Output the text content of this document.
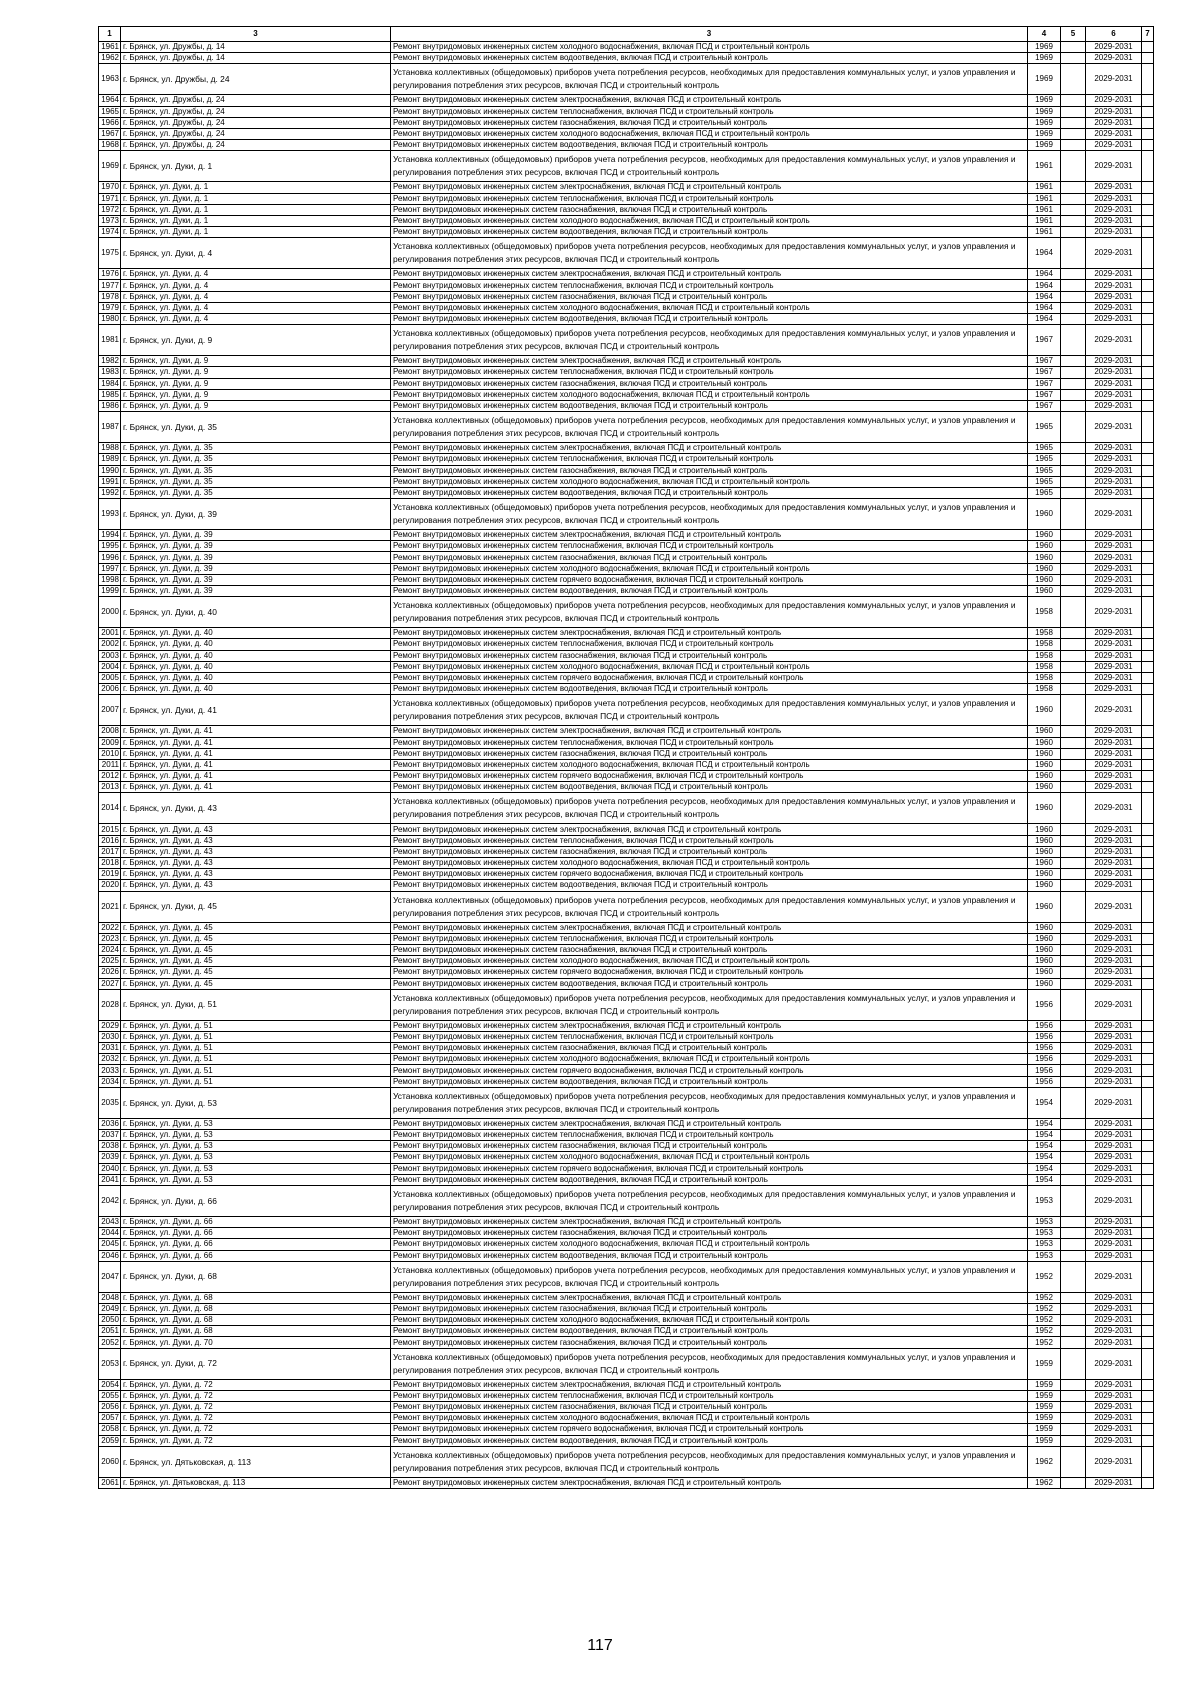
1	3	3	4	5	6	7
1961	г. Брянск, ул. Дружбы, д. 14	Ремонт внутридомовых инженерных систем холодного водоснабжения, включая ПСД и строительный контроль	1969		2029-2031	
1962	г. Брянск, ул. Дружбы, д. 14	Ремонт внутридомовых инженерных систем водоотведения, включая ПСД и строительный контроль	1969		2029-2031	
1963	г. Брянск, ул. Дружбы, д. 24	Установка коллективных (общедомовых) приборов учета потребления ресурсов, необходимых для предоставления коммунальных услуг, и узлов управления и регулирования потребления этих ресурсов, включая ПСД и строительный контроль	1969		2029-2031	
1964	г. Брянск, ул. Дружбы, д. 24	Ремонт внутридомовых инженерных систем электроснабжения, включая ПСД и строительный контроль	1969		2029-2031	
1965	г. Брянск, ул. Дружбы, д. 24	Ремонт внутридомовых инженерных систем теплоснабжения, включая ПСД и строительный контроль	1969		2029-2031	
1966	г. Брянск, ул. Дружбы, д. 24	Ремонт внутридомовых инженерных систем газоснабжения, включая ПСД и строительный контроль	1969		2029-2031	
1967	г. Брянск, ул. Дружбы, д. 24	Ремонт внутридомовых инженерных систем холодного водоснабжения, включая ПСД и строительный контроль	1969		2029-2031	
1968	г. Брянск, ул. Дружбы, д. 24	Ремонт внутридомовых инженерных систем водоотведения, включая ПСД и строительный контроль	1969		2029-2031	
1969	г. Брянск, ул. Дуки, д. 1	Установка коллективных (общедомовых) приборов учета потребления ресурсов, необходимых для предоставления коммунальных услуг, и узлов управления и регулирования потребления этих ресурсов, включая ПСД и строительный контроль	1961		2029-2031	
1970	г. Брянск, ул. Дуки, д. 1	Ремонт внутридомовых инженерных систем электроснабжения, включая ПСД и строительный контроль	1961		2029-2031	
1971	г. Брянск, ул. Дуки, д. 1	Ремонт внутридомовых инженерных систем теплоснабжения, включая ПСД и строительный контроль	1961		2029-2031	
1972	г. Брянск, ул. Дуки, д. 1	Ремонт внутридомовых инженерных систем газоснабжения, включая ПСД и строительный контроль	1961		2029-2031	
1973	г. Брянск, ул. Дуки, д. 1	Ремонт внутридомовых инженерных систем холодного водоснабжения, включая ПСД и строительный контроль	1961		2029-2031	
1974	г. Брянск, ул. Дуки, д. 1	Ремонт внутридомовых инженерных систем водоотведения, включая ПСД и строительный контроль	1961		2029-2031	
1975	г. Брянск, ул. Дуки, д. 4	Установка коллективных (общедомовых) приборов учета потребления ресурсов, необходимых для предоставления коммунальных услуг, и узлов управления и регулирования потребления этих ресурсов, включая ПСД и строительный контроль	1964		2029-2031	
1976	г. Брянск, ул. Дуки, д. 4	Ремонт внутридомовых инженерных систем электроснабжения, включая ПСД и строительный контроль	1964		2029-2031	
1977	г. Брянск, ул. Дуки, д. 4	Ремонт внутридомовых инженерных систем теплоснабжения, включая ПСД и строительный контроль	1964		2029-2031	
1978	г. Брянск, ул. Дуки, д. 4	Ремонт внутридомовых инженерных систем газоснабжения, включая ПСД и строительный контроль	1964		2029-2031	
1979	г. Брянск, ул. Дуки, д. 4	Ремонт внутридомовых инженерных систем холодного водоснабжения, включая ПСД и строительный контроль	1964		2029-2031	
1980	г. Брянск, ул. Дуки, д. 4	Ремонт внутридомовых инженерных систем водоотведения, включая ПСД и строительный контроль	1964		2029-2031	
1981	г. Брянск, ул. Дуки, д. 9	Установка коллективных (общедомовых) приборов учета потребления ресурсов, необходимых для предоставления коммунальных услуг, и узлов управления и регулирования потребления этих ресурсов, включая ПСД и строительный контроль	1967		2029-2031	
1982	г. Брянск, ул. Дуки, д. 9	Ремонт внутридомовых инженерных систем электроснабжения, включая ПСД и строительный контроль	1967		2029-2031	
1983	г. Брянск, ул. Дуки, д. 9	Ремонт внутридомовых инженерных систем теплоснабжения, включая ПСД и строительный контроль	1967		2029-2031	
1984	г. Брянск, ул. Дуки, д. 9	Ремонт внутридомовых инженерных систем газоснабжения, включая ПСД и строительный контроль	1967		2029-2031	
1985	г. Брянск, ул. Дуки, д. 9	Ремонт внутридомовых инженерных систем холодного водоснабжения, включая ПСД и строительный контроль	1967		2029-2031	
1986	г. Брянск, ул. Дуки, д. 9	Ремонт внутридомовых инженерных систем водоотведения, включая ПСД и строительный контроль	1967		2029-2031	
1987	г. Брянск, ул. Дуки, д. 35	Установка коллективных (общедомовых) приборов учета потребления ресурсов, необходимых для предоставления коммунальных услуг, и узлов управления и регулирования потребления этих ресурсов, включая ПСД и строительный контроль	1965		2029-2031	
1988	г. Брянск, ул. Дуки, д. 35	Ремонт внутридомовых инженерных систем электроснабжения, включая ПСД и строительный контроль	1965		2029-2031	
1989	г. Брянск, ул. Дуки, д. 35	Ремонт внутридомовых инженерных систем теплоснабжения, включая ПСД и строительный контроль	1965		2029-2031	
1990	г. Брянск, ул. Дуки, д. 35	Ремонт внутридомовых инженерных систем газоснабжения, включая ПСД и строительный контроль	1965		2029-2031	
1991	г. Брянск, ул. Дуки, д. 35	Ремонт внутридомовых инженерных систем холодного водоснабжения, включая ПСД и строительный контроль	1965		2029-2031	
1992	г. Брянск, ул. Дуки, д. 35	Ремонт внутридомовых инженерных систем водоотведения, включая ПСД и строительный контроль	1965		2029-2031	
1993	г. Брянск, ул. Дуки, д. 39	Установка коллективных (общедомовых) приборов учета потребления ресурсов, необходимых для предоставления коммунальных услуг, и узлов управления и регулирования потребления этих ресурсов, включая ПСД и строительный контроль	1960		2029-2031	
1994	г. Брянск, ул. Дуки, д. 39	Ремонт внутридомовых инженерных систем электроснабжения, включая ПСД и строительный контроль	1960		2029-2031	
1995	г. Брянск, ул. Дуки, д. 39	Ремонт внутридомовых инженерных систем теплоснабжения, включая ПСД и строительный контроль	1960		2029-2031	
1996	г. Брянск, ул. Дуки, д. 39	Ремонт внутридомовых инженерных систем газоснабжения, включая ПСД и строительный контроль	1960		2029-2031	
1997	г. Брянск, ул. Дуки, д. 39	Ремонт внутридомовых инженерных систем холодного водоснабжения, включая ПСД и строительный контроль	1960		2029-2031	
1998	г. Брянск, ул. Дуки, д. 39	Ремонт внутридомовых инженерных систем горячего водоснабжения, включая ПСД и строительный контроль	1960		2029-2031	
1999	г. Брянск, ул. Дуки, д. 39	Ремонт внутридомовых инженерных систем водоотведения, включая ПСД и строительный контроль	1960		2029-2031	
2000	г. Брянск, ул. Дуки, д. 40	Установка коллективных (общедомовых) приборов учета потребления ресурсов, необходимых для предоставления коммунальных услуг, и узлов управления и регулирования потребления этих ресурсов, включая ПСД и строительный контроль	1958		2029-2031	
2001	г. Брянск, ул. Дуки, д. 40	Ремонт внутридомовых инженерных систем электроснабжения, включая ПСД и строительный контроль	1958		2029-2031	
2002	г. Брянск, ул. Дуки, д. 40	Ремонт внутридомовых инженерных систем теплоснабжения, включая ПСД и строительный контроль	1958		2029-2031	
2003	г. Брянск, ул. Дуки, д. 40	Ремонт внутридомовых инженерных систем газоснабжения, включая ПСД и строительный контроль	1958		2029-2031	
2004	г. Брянск, ул. Дуки, д. 40	Ремонт внутридомовых инженерных систем холодного водоснабжения, включая ПСД и строительный контроль	1958		2029-2031	
2005	г. Брянск, ул. Дуки, д. 40	Ремонт внутридомовых инженерных систем горячего водоснабжения, включая ПСД и строительный контроль	1958		2029-2031	
2006	г. Брянск, ул. Дуки, д. 40	Ремонт внутридомовых инженерных систем водоотведения, включая ПСД и строительный контроль	1958		2029-2031	
2007	г. Брянск, ул. Дуки, д. 41	Установка коллективных (общедомовых) приборов учета потребления ресурсов, необходимых для предоставления коммунальных услуг, и узлов управления и регулирования потребления этих ресурсов, включая ПСД и строительный контроль	1960		2029-2031	
2008	г. Брянск, ул. Дуки, д. 41	Ремонт внутридомовых инженерных систем электроснабжения, включая ПСД и строительный контроль	1960		2029-2031	
2009	г. Брянск, ул. Дуки, д. 41	Ремонт внутридомовых инженерных систем теплоснабжения, включая ПСД и строительный контроль	1960		2029-2031	
2010	г. Брянск, ул. Дуки, д. 41	Ремонт внутридомовых инженерных систем газоснабжения, включая ПСД и строительный контроль	1960		2029-2031	
2011	г. Брянск, ул. Дуки, д. 41	Ремонт внутридомовых инженерных систем холодного водоснабжения, включая ПСД и строительный контроль	1960		2029-2031	
2012	г. Брянск, ул. Дуки, д. 41	Ремонт внутридомовых инженерных систем горячего водоснабжения, включая ПСД и строительный контроль	1960		2029-2031	
2013	г. Брянск, ул. Дуки, д. 41	Ремонт внутридомовых инженерных систем водоотведения, включая ПСД и строительный контроль	1960		2029-2031	
2014	г. Брянск, ул. Дуки, д. 43	Установка коллективных (общедомовых) приборов учета потребления ресурсов, необходимых для предоставления коммунальных услуг, и узлов управления и регулирования потребления этих ресурсов, включая ПСД и строительный контроль	1960		2029-2031	
2015	г. Брянск, ул. Дуки, д. 43	Ремонт внутридомовых инженерных систем электроснабжения, включая ПСД и строительный контроль	1960		2029-2031	
2016	г. Брянск, ул. Дуки, д. 43	Ремонт внутридомовых инженерных систем теплоснабжения, включая ПСД и строительный контроль	1960		2029-2031	
2017	г. Брянск, ул. Дуки, д. 43	Ремонт внутридомовых инженерных систем газоснабжения, включая ПСД и строительный контроль	1960		2029-2031	
2018	г. Брянск, ул. Дуки, д. 43	Ремонт внутридомовых инженерных систем холодного водоснабжения, включая ПСД и строительный контроль	1960		2029-2031	
2019	г. Брянск, ул. Дуки, д. 43	Ремонт внутридомовых инженерных систем горячего водоснабжения, включая ПСД и строительный контроль	1960		2029-2031	
2020	г. Брянск, ул. Дуки, д. 43	Ремонт внутридомовых инженерных систем водоотведения, включая ПСД и строительный контроль	1960		2029-2031	
2021	г. Брянск, ул. Дуки, д. 45	Установка коллективных (общедомовых) приборов учета потребления ресурсов, необходимых для предоставления коммунальных услуг, и узлов управления и регулирования потребления этих ресурсов, включая ПСД и строительный контроль	1960		2029-2031	
2022	г. Брянск, ул. Дуки, д. 45	Ремонт внутридомовых инженерных систем электроснабжения, включая ПСД и строительный контроль	1960		2029-2031	
2023	г. Брянск, ул. Дуки, д. 45	Ремонт внутридомовых инженерных систем теплоснабжения, включая ПСД и строительный контроль	1960		2029-2031	
2024	г. Брянск, ул. Дуки, д. 45	Ремонт внутридомовых инженерных систем газоснабжения, включая ПСД и строительный контроль	1960		2029-2031	
2025	г. Брянск, ул. Дуки, д. 45	Ремонт внутридомовых инженерных систем холодного водоснабжения, включая ПСД и строительный контроль	1960		2029-2031	
2026	г. Брянск, ул. Дуки, д. 45	Ремонт внутридомовых инженерных систем горячего водоснабжения, включая ПСД и строительный контроль	1960		2029-2031	
2027	г. Брянск, ул. Дуки, д. 45	Ремонт внутридомовых инженерных систем водоотведения, включая ПСД и строительный контроль	1960		2029-2031	
2028	г. Брянск, ул. Дуки, д. 51	Установка коллективных (общедомовых) приборов учета потребления ресурсов, необходимых для предоставления коммунальных услуг, и узлов управления и регулирования потребления этих ресурсов, включая ПСД и строительный контроль	1956		2029-2031	
2029	г. Брянск, ул. Дуки, д. 51	Ремонт внутридомовых инженерных систем электроснабжения, включая ПСД и строительный контроль	1956		2029-2031	
2030	г. Брянск, ул. Дуки, д. 51	Ремонт внутридомовых инженерных систем теплоснабжения, включая ПСД и строительный контроль	1956		2029-2031	
2031	г. Брянск, ул. Дуки, д. 51	Ремонт внутридомовых инженерных систем газоснабжения, включая ПСД и строительный контроль	1956		2029-2031	
2032	г. Брянск, ул. Дуки, д. 51	Ремонт внутридомовых инженерных систем холодного водоснабжения, включая ПСД и строительный контроль	1956		2029-2031	
2033	г. Брянск, ул. Дуки, д. 51	Ремонт внутридомовых инженерных систем горячего водоснабжения, включая ПСД и строительный контроль	1956		2029-2031	
2034	г. Брянск, ул. Дуки, д. 51	Ремонт внутридомовых инженерных систем водоотведения, включая ПСД и строительный контроль	1956		2029-2031	
2035	г. Брянск, ул. Дуки, д. 53	Установка коллективных (общедомовых) приборов учета потребления ресурсов, необходимых для предоставления коммунальных услуг, и узлов управления и регулирования потребления этих ресурсов, включая ПСД и строительный контроль	1954		2029-2031	
2036	г. Брянск, ул. Дуки, д. 53	Ремонт внутридомовых инженерных систем электроснабжения, включая ПСД и строительный контроль	1954		2029-2031	
2037	г. Брянск, ул. Дуки, д. 53	Ремонт внутридомовых инженерных систем теплоснабжения, включая ПСД и строительный контроль	1954		2029-2031	
2038	г. Брянск, ул. Дуки, д. 53	Ремонт внутридомовых инженерных систем газоснабжения, включая ПСД и строительный контроль	1954		2029-2031	
2039	г. Брянск, ул. Дуки, д. 53	Ремонт внутридомовых инженерных систем холодного водоснабжения, включая ПСД и строительный контроль	1954		2029-2031	
2040	г. Брянск, ул. Дуки, д. 53	Ремонт внутридомовых инженерных систем горячего водоснабжения, включая ПСД и строительный контроль	1954		2029-2031	
2041	г. Брянск, ул. Дуки, д. 53	Ремонт внутридомовых инженерных систем водоотведения, включая ПСД и строительный контроль	1954		2029-2031	
2042	г. Брянск, ул. Дуки, д. 66	Установка коллективных (общедомовых) приборов учета потребления ресурсов, необходимых для предоставления коммунальных услуг, и узлов управления и регулирования потребления этих ресурсов, включая ПСД и строительный контроль	1953		2029-2031	
2043	г. Брянск, ул. Дуки, д. 66	Ремонт внутридомовых инженерных систем электроснабжения, включая ПСД и строительный контроль	1953		2029-2031	
2044	г. Брянск, ул. Дуки, д. 66	Ремонт внутридомовых инженерных систем газоснабжения, включая ПСД и строительный контроль	1953		2029-2031	
2045	г. Брянск, ул. Дуки, д. 66	Ремонт внутридомовых инженерных систем холодного водоснабжения, включая ПСД и строительный контроль	1953		2029-2031	
2046	г. Брянск, ул. Дуки, д. 66	Ремонт внутридомовых инженерных систем водоотведения, включая ПСД и строительный контроль	1953		2029-2031	
2047	г. Брянск, ул. Дуки, д. 68	Установка коллективных (общедомовых) приборов учета потребления ресурсов, необходимых для предоставления коммунальных услуг, и узлов управления и регулирования потребления этих ресурсов, включая ПСД и строительный контроль	1952		2029-2031	
2048	г. Брянск, ул. Дуки, д. 68	Ремонт внутридомовых инженерных систем электроснабжения, включая ПСД и строительный контроль	1952		2029-2031	
2049	г. Брянск, ул. Дуки, д. 68	Ремонт внутридомовых инженерных систем газоснабжения, включая ПСД и строительный контроль	1952		2029-2031	
2050	г. Брянск, ул. Дуки, д. 68	Ремонт внутридомовых инженерных систем холодного водоснабжения, включая ПСД и строительный контроль	1952		2029-2031	
2051	г. Брянск, ул. Дуки, д. 68	Ремонт внутридомовых инженерных систем водоотведения, включая ПСД и строительный контроль	1952		2029-2031	
2052	г. Брянск, ул. Дуки, д. 70	Ремонт внутридомовых инженерных систем газоснабжения, включая ПСД и строительный контроль	1952		2029-2031	
2053	г. Брянск, ул. Дуки, д. 72	Установка коллективных (общедомовых) приборов учета потребления ресурсов, необходимых для предоставления коммунальных услуг, и узлов управления и регулирования потребления этих ресурсов, включая ПСД и строительный контроль	1959		2029-2031	
2054	г. Брянск, ул. Дуки, д. 72	Ремонт внутридомовых инженерных систем электроснабжения, включая ПСД и строительный контроль	1959		2029-2031	
2055	г. Брянск, ул. Дуки, д. 72	Ремонт внутридомовых инженерных систем теплоснабжения, включая ПСД и строительный контроль	1959		2029-2031	
2056	г. Брянск, ул. Дуки, д. 72	Ремонт внутридомовых инженерных систем газоснабжения, включая ПСД и строительный контроль	1959		2029-2031	
2057	г. Брянск, ул. Дуки, д. 72	Ремонт внутридомовых инженерных систем холодного водоснабжения, включая ПСД и строительный контроль	1959		2029-2031	
2058	г. Брянск, ул. Дуки, д. 72	Ремонт внутридомовых инженерных систем горячего водоснабжения, включая ПСД и строительный контроль	1959		2029-2031	
2059	г. Брянск, ул. Дуки, д. 72	Ремонт внутридомовых инженерных систем водоотведения, включая ПСД и строительный контроль	1959		2029-2031	
2060	г. Брянск, ул. Дятьковская, д. 113	Установка коллективных (общедомовых) приборов учета потребления ресурсов, необходимых для предоставления коммунальных услуг, и узлов управления и регулирования потребления этих ресурсов, включая ПСД и строительный контроль	1962		2029-2031	
2061	г. Брянск, ул. Дятьковская, д. 113	Ремонт внутридомовых инженерных систем электроснабжения, включая ПСД и строительный контроль	1962		2029-2031	
117
